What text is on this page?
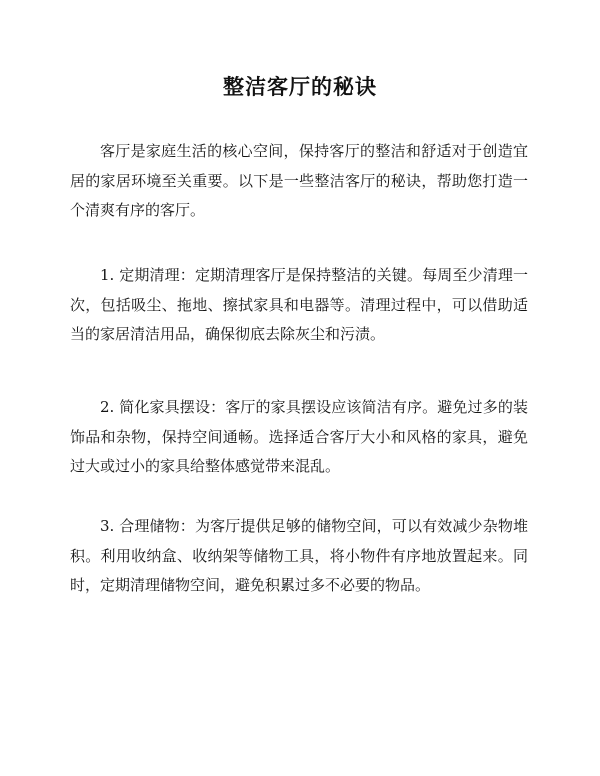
整洁客厅的秘诀

客厅是家庭生活的核心空间，保持客厅的整洁和舒适对于创造宜居的家居环境至关重要。以下是一些整洁客厅的秘诀，帮助您打造一个清爽有序的客厅。

1. 定期清理：定期清理客厅是保持整洁的关键。每周至少清理一次，包括吸尘、拖地、擦拭家具和电器等。清理过程中，可以借助适当的家居清洁用品，确保彻底去除灰尘和污渍。

2. 简化家具摆设：客厅的家具摆设应该简洁有序。避免过多的装饰品和杂物，保持空间通畅。选择适合客厅大小和风格的家具，避免过大或过小的家具给整体感觉带来混乱。

3. 合理储物：为客厅提供足够的储物空间，可以有效减少杂物堆积。利用收纳盒、收纳架等储物工具，将小物件有序地放置起来。同时，定期清理储物空间，避免积累过多不必要的物品。
